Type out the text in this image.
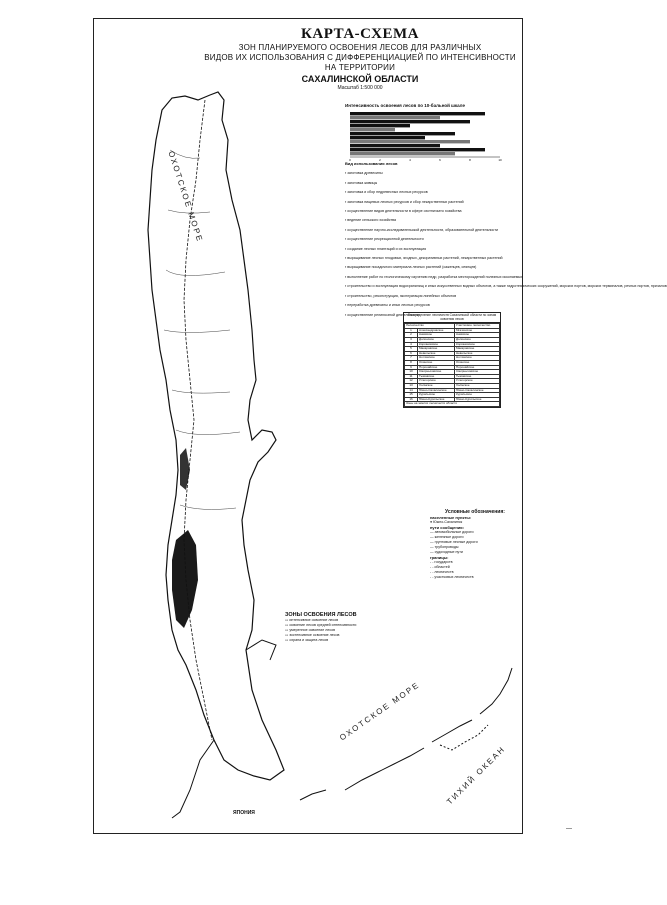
0	2	4	6	8	10
КАРТА-СХЕМА
ЗОН ПЛАНИРУЕМОГО ОСВОЕНИЯ ЛЕСОВ ДЛЯ РАЗЛИЧНЫХ
ВИДОВ ИХ ИСПОЛЬЗОВАНИЯ С ДИФФЕРЕНЦИАЦИЕЙ ПО ИНТЕНСИВНОСТИ
НА ТЕРРИТОРИИ
САХАЛИНСКОЙ ОБЛАСТИ
Масштаб 1:500 000
ОХОТСКОЕ МОРЕ
ОХОТСКОЕ МОРЕ
ТИХИЙ ОКЕАН
ЯПОНИЯ
Интенсивность освоения лесов по 10-бальной шкале
Вид использования лесов
▪ заготовка древесины
▪ заготовка живицы
▪ заготовка и сбор недревесных лесных ресурсов
▪ заготовка пищевых лесных ресурсов и сбор лекарственных растений
▪ осуществление видов деятельности в сфере охотничьего хозяйства
▪ ведение сельского хозяйства
▪ осуществление научно-исследовательской деятельности, образовательной деятельности
▪ осуществление рекреационной деятельности
▪ создание лесных плантаций и их эксплуатация
▪ выращивание лесных плодовых, ягодных, декоративных растений, лекарственных растений
▪ выращивание посадочного материала лесных растений (саженцев, сеянцев)
▪ выполнение работ по геологическому изучению недр, разработка месторождений полезных ископаемых
▪ строительство и эксплуатация водохранилищ и иных искусственных водных объектов, а также гидротехнических сооружений, морских портов, морских терминалов, речных портов, причалов
▪ строительство, реконструкция, эксплуатация линейных объектов
▪ переработка древесины и иных лесных ресурсов
▪ осуществление религиозной деятельности
Распределение лесничеств Сахалинской области по зонам освоения лесов
Лесничество		Участковое лесничество
1	Александровское	Мгачинское
2	Анивское	Анивское
3	Долинское	Долинское
4	Корсаковское	Корсаковское
5	Макаровское	Макаровское
6	Невельское	Невельское
7	Ногликское	Ногликское
8	Охинское	Охинское
9	Поронайское	Поронайское
10	Смирныховское	Смирныховское
11	Тымовское	Тымовское
12	Углегорское	Углегорское
13	Холмское	Холмское
14	Южно-Сахалинское	Южно-Сахалинское
15	Курильское	Курильское
16	Южно-Курильское	Южно-Курильское
Зоны на землях лесничеств области		
Условные обозначения:
населенные пункты:
● Южно-Сахалинск
пути сообщения:
— автомобильные дороги
— железные дороги
— грунтовые лесные дороги
— трубопроводы
— судоходные пути
границы:
- - государств
- - областей
- - лесничеств
- - участковых лесничеств
ЗОНЫ ОСВОЕНИЯ ЛЕСОВ
▭ интенсивное освоение лесов
▭ освоение лесов средней интенсивности
▭ умеренное освоение лесов
▭ экстенсивное освоение лесов
▭ охрана и защита лесов
—
